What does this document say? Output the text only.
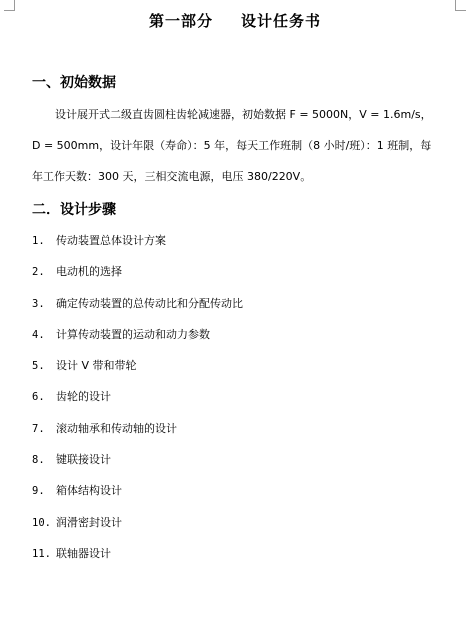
第一部分 设计任务书
一、初始数据
设计展开式二级直齿圆柱齿轮减速器，初始数据 F = 5000N，V = 1.6m/s，
D = 500mm，设计年限（寿命）：5 年，每天工作班制（8 小时/班）：1 班制，每
年工作天数：300 天，三相交流电源，电压 380/220V。
二．设计步骤
1. 传动装置总体设计方案
2. 电动机的选择
3. 确定传动装置的总传动比和分配传动比
4. 计算传动装置的运动和动力参数
5. 设计 V 带和带轮
6. 齿轮的设计
7. 滚动轴承和传动轴的设计
8. 键联接设计
9. 箱体结构设计
10. 润滑密封设计
11. 联轴器设计
